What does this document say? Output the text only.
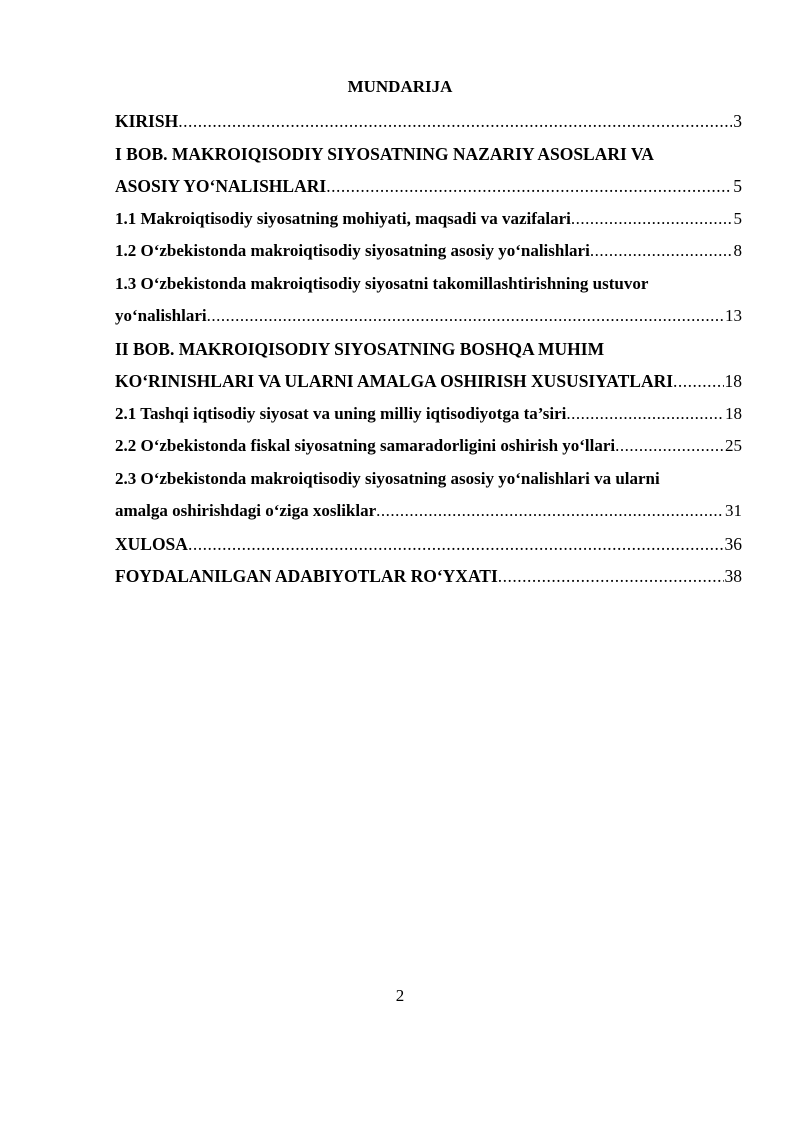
MUNDARIJA
KIRISH .....	3
I BOB. MAKROIQISODIY SIYOSATNING NAZARIY ASOSLARI VA
ASOSIY YO‘NALISHLARI .....	5
1.1 Makroiqtisodiy siyosatning mohiyati, maqsadi va vazifalari .....	5
1.2 O‘zbekistonda makroiqtisodiy siyosatning asosiy yo‘nalishlari .....	8
1.3 O‘zbekistonda makroiqtisodiy siyosatni takomillashtirishning ustuvor
yo‘nalishlari .....	13
II BOB. MAKROIQISODIY SIYOSATNING BOSHQA MUHIM
KO‘RINISHLARI VA ULARNI AMALGA OSHIRISH XUSUSIYATLARI .....	18
2.1 Tashqi iqtisodiy siyosat va uning milliy iqtisodiyotga ta’siri .....	18
2.2 O‘zbekistonda fiskal siyosatning samaradorligini oshirish yo‘llari .....	25
2.3 O‘zbekistonda makroiqtisodiy siyosatning asosiy yo‘nalishlari va ularni
amalga oshirishdagi o‘ziga xosliklar .....	31
XULOSA .....	36
FOYDALANILGAN ADABIYOTLAR RO‘YXATI .....	38
2
